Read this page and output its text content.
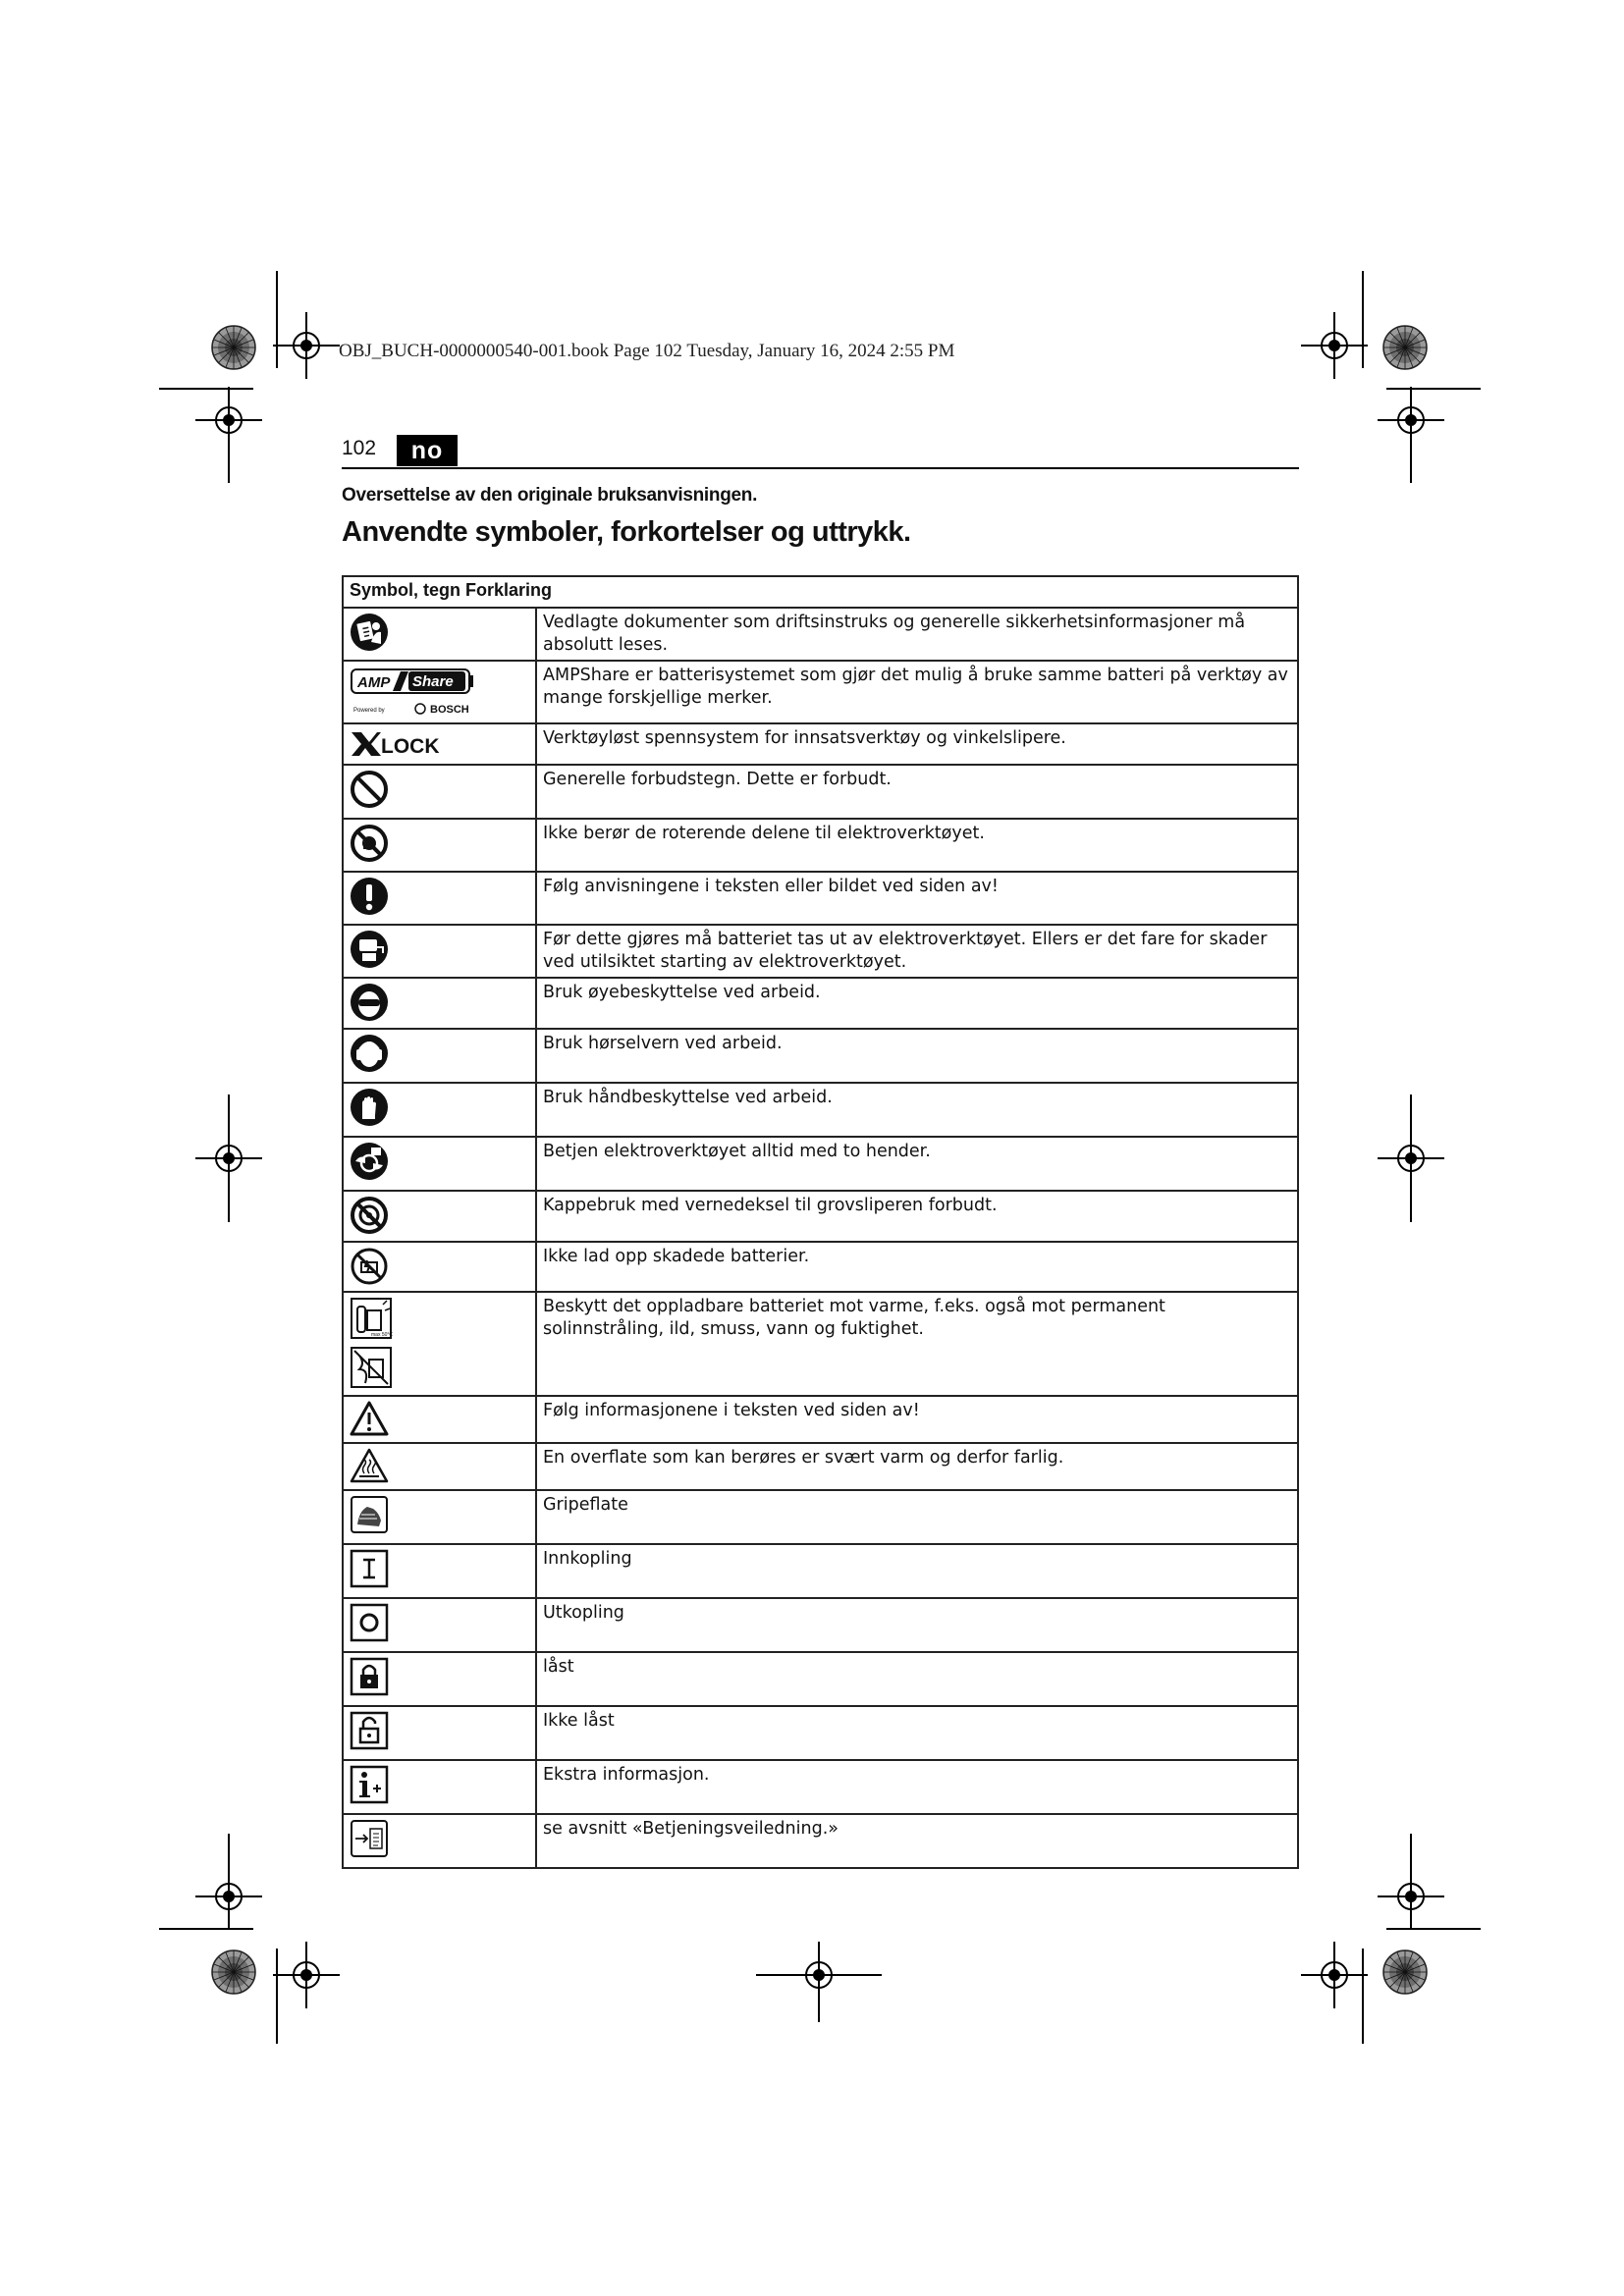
OBJ_BUCH-0000000540-001.book Page 102 Tuesday, January 16, 2024 2:55 PM
102	no
Oversettelse av den originale bruksanvisningen.
Anvendte symboler, forkortelser og uttrykk.
Symbol, tegn Forklaring	

	Vedlagte dokumenter som driftsinstruks og generelle sikkerhetsinformasjoner må absolutt leses.

AMP Share
Powered by BOSCH	AMPShare er batterisystemet som gjør det mulig å bruke samme batteri på verktøy av mange forskjellige merker.

LOCK	Verktøyløst spennsystem for innsatsverktøy og vinkelslipere.

	Generelle forbudstegn. Dette er forbudt.

	Ikke berør de roterende delene til elektroverktøyet.

	Følg anvisningene i teksten eller bildet ved siden av!

	Før dette gjøres må batteriet tas ut av elektroverktøyet. Ellers er det fare for skader ved utilsiktet starting av elektroverktøyet.

	Bruk øyebeskyttelse ved arbeid.

	Bruk hørselvern ved arbeid.

	Bruk håndbeskyttelse ved arbeid.

	Betjen elektroverktøyet alltid med to hender.

	Kappebruk med vernedeksel til grovsliperen forbudt.

	Ikke lad opp skadede batterier.

max 50°C	Beskytt det oppladbare batteriet mot varme, f.eks. også mot permanent solinnstråling, ild, smuss, vann og fuktighet.

	Følg informasjonene i teksten ved siden av!

	En overflate som kan berøres er svært varm og derfor farlig.

	Gripeflate

	Innkopling

	Utkopling

	låst

	Ikke låst

	Ekstra informasjon.

	se avsnitt «Betjeningsveiledning.»
